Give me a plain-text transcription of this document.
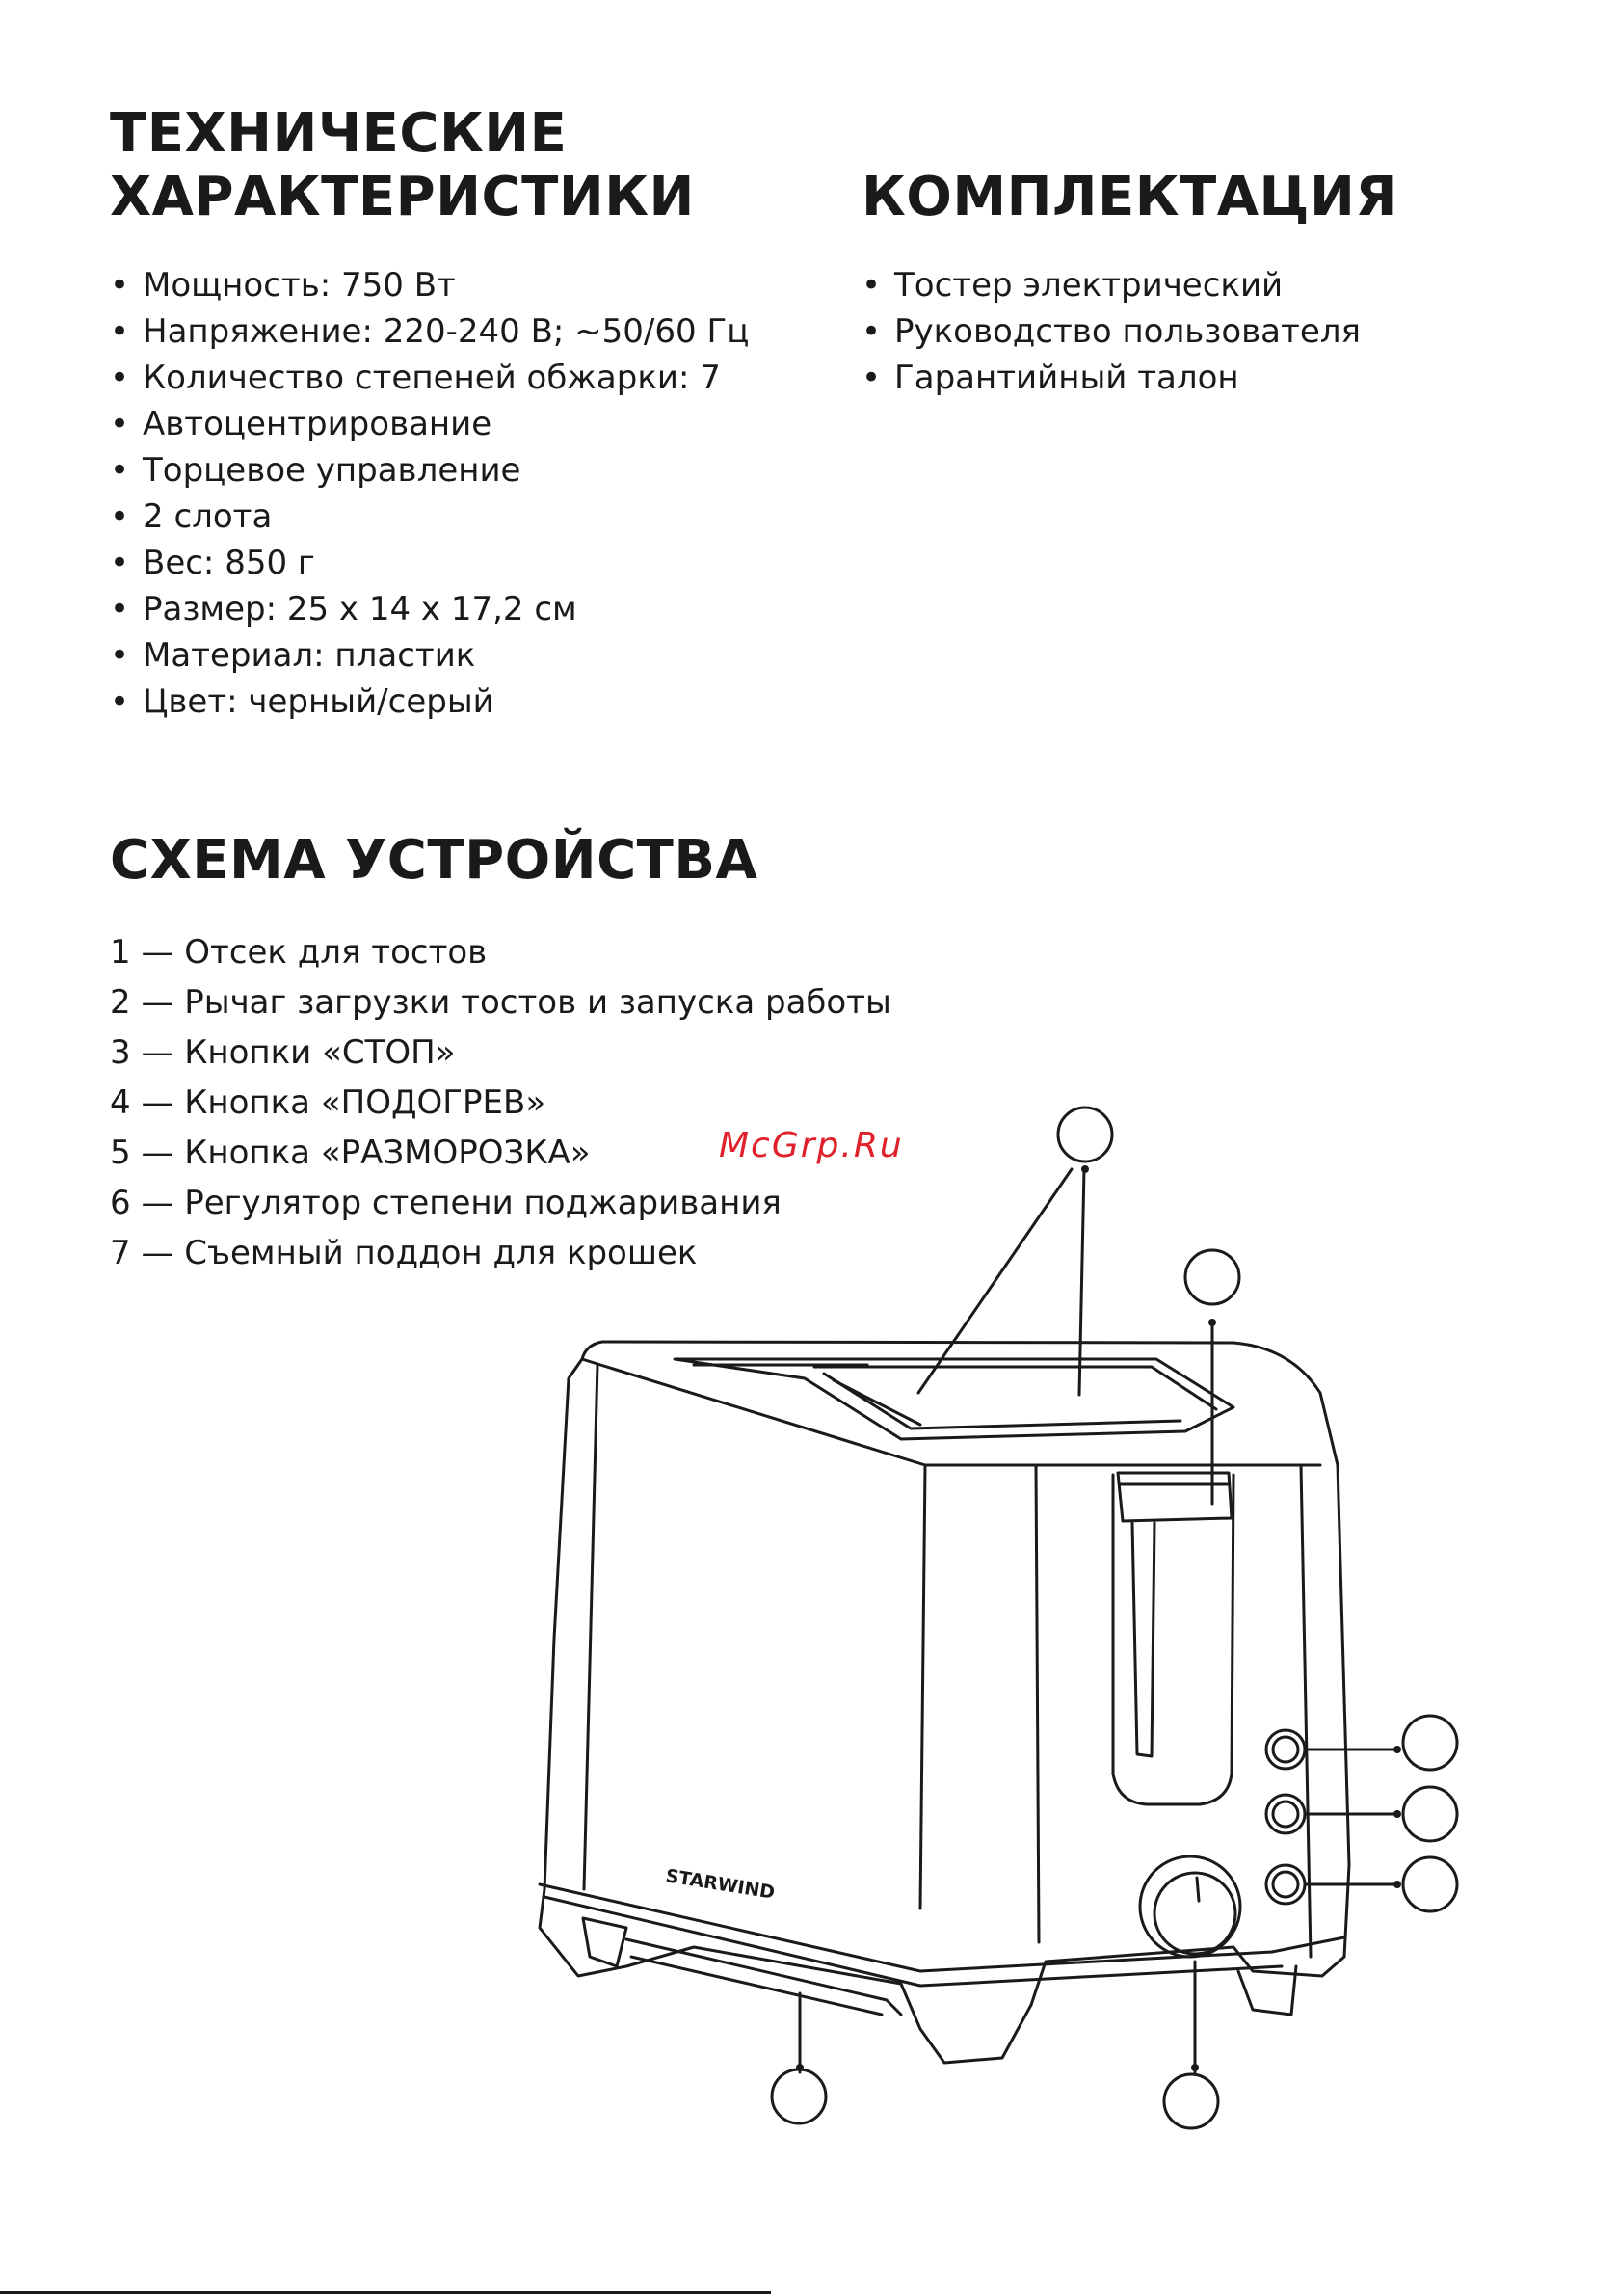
ТЕХНИЧЕСКИЕ
ХАРАКТЕРИСТИКИ	КОМПЛЕКТАЦИЯ
• Мощность: 750 Вт
• Напряжение: 220-240 В; ~50/60 Гц
• Количество степеней обжарки: 7
• Автоцентрирование
• Торцевое управление
• 2 слота
• Вес: 850 г
• Размер: 25 х 14 х 17,2 см
• Материал: пластик
• Цвет: черный/серый
• Тостер электрический
• Руководство пользователя
• Гарантийный талон
СХЕМА УСТРОЙСТВА
1 — Отсек для тостов
2 — Рычаг загрузки тостов и запуска работы
3 — Кнопки «СТОП»
4 — Кнопка «ПОДОГРЕВ»
5 — Кнопка «РАЗМОРОЗКА»
6 — Регулятор степени поджаривания
7 — Съемный поддон для крошек
McGrp.Ru
STARWIND
